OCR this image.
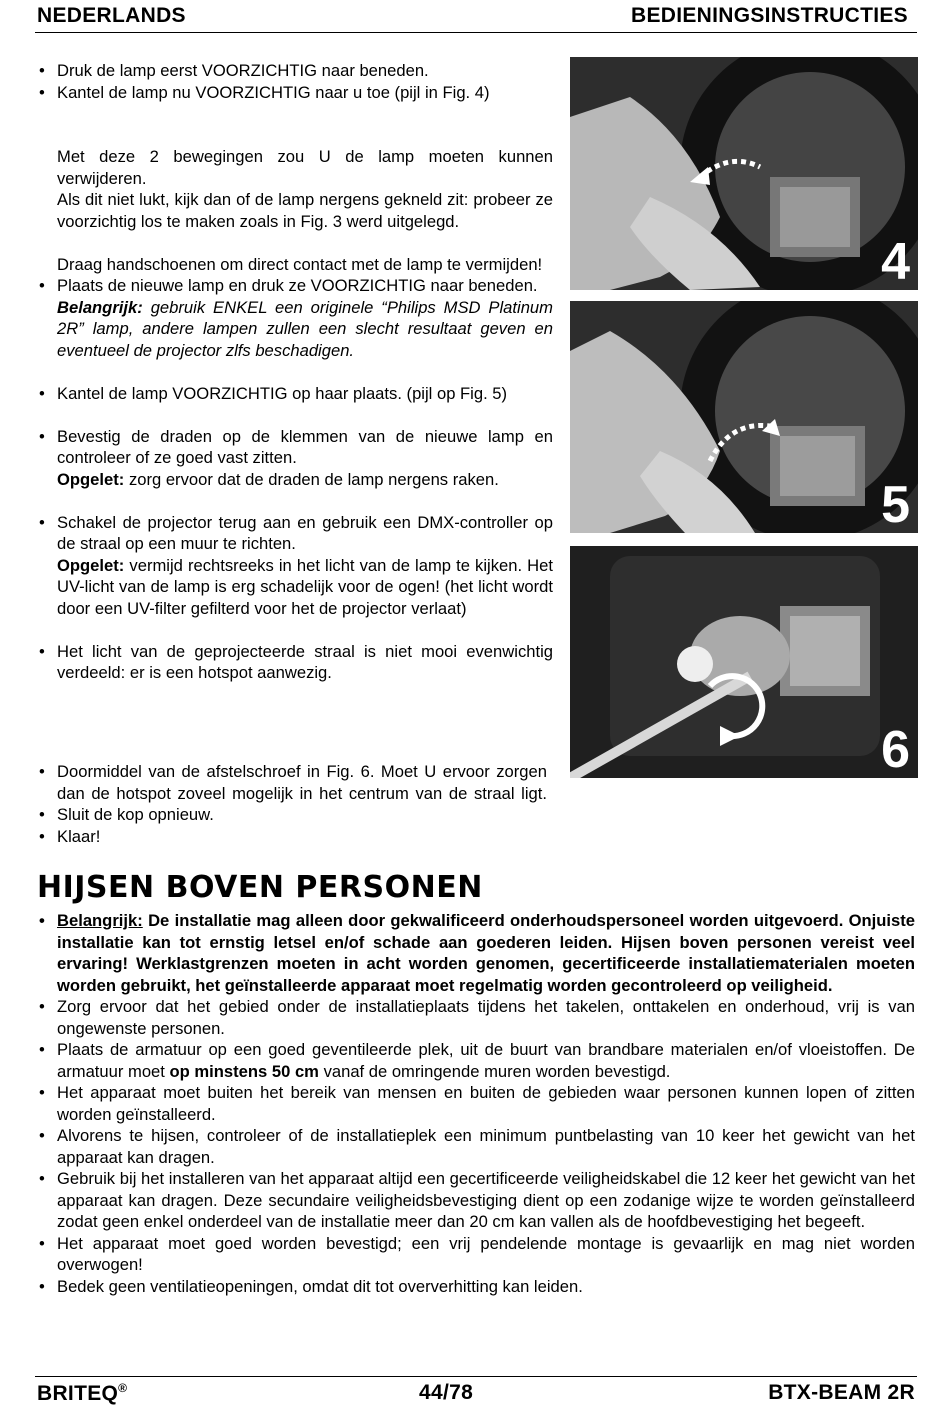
NEDERLANDS	BEDIENINGSINSTRUCTIES
• Druk de lamp eerst VOORZICHTIG naar beneden.
• Kantel de lamp nu VOORZICHTIG naar u toe (pijl in Fig. 4)

Met deze 2 bewegingen zou U de lamp moeten kunnen verwijderen.

Als dit niet lukt, kijk dan of de lamp nergens gekneld zit: probeer ze voorzichtig los te maken zoals in Fig. 3 werd uitgelegd.

Draag handschoenen om direct contact met de lamp te vermijden!

• Plaats de nieuwe lamp en druk ze VOORZICHTIG naar beneden.
Belangrijk: gebruik ENKEL een originele “Philips MSD Platinum 2R” lamp, andere lampen zullen een slecht resultaat geven en eventueel de projector zlfs beschadigen.
• Kantel de lamp VOORZICHTIG op haar plaats. (pijl op Fig. 5)
• Bevestig de draden op de klemmen van de nieuwe lamp en controleer of ze goed vast zitten.
Opgelet: zorg ervoor dat de draden de lamp nergens raken.
• Schakel de projector terug aan en gebruik een DMX-controller op de straal op een muur te richten.
Opgelet: vermijd rechtsreeks in het licht van de lamp te kijken. Het UV-licht van de lamp is erg schadelijk voor de ogen! (het licht wordt door een UV-filter gefilterd voor het de projector verlaat)
• Het licht van de geprojecteerde straal is niet mooi evenwichtig verdeeld: er is een hotspot aanwezig.
• Doormiddel van de afstelschroef in Fig. 6. Moet U ervoor zorgen dan de hotspot zoveel mogelijk in het centrum van de straal ligt.
• Sluit de kop opnieuw.
• Klaar!
4
5
6
HIJSEN BOVEN PERSONEN
• Belangrijk: De installatie mag alleen door gekwalificeerd onderhoudspersoneel worden uitgevoerd. Onjuiste installatie kan tot ernstig letsel en/of schade aan goederen leiden. Hijsen boven personen vereist veel ervaring! Werklastgrenzen moeten in acht worden genomen, gecertificeerde installatiematerialen moeten worden gebruikt, het geïnstalleerde apparaat moet regelmatig worden gecontroleerd op veiligheid.
• Zorg ervoor dat het gebied onder de installatieplaats tijdens het takelen, onttakelen en onderhoud, vrij is van ongewenste personen.
• Plaats de armatuur op een goed geventileerde plek, uit de buurt van brandbare materialen en/of vloeistoffen. De armatuur moet op minstens 50 cm vanaf de omringende muren worden bevestigd.
• Het apparaat moet buiten het bereik van mensen en buiten de gebieden waar personen kunnen lopen of zitten worden geïnstalleerd.
• Alvorens te hijsen, controleer of de installatieplek een minimum puntbelasting van 10 keer het gewicht van het apparaat kan dragen.
• Gebruik bij het installeren van het apparaat altijd een gecertificeerde veiligheidskabel die 12 keer het gewicht van het apparaat kan dragen. Deze secundaire veiligheidsbevestiging dient op een zodanige wijze te worden geïnstalleerd zodat geen enkel onderdeel van de installatie meer dan 20 cm kan vallen als de hoofdbevestiging het begeeft.
• Het apparaat moet goed worden bevestigd; een vrij pendelende montage is gevaarlijk en mag niet worden overwogen!
• Bedek geen ventilatieopeningen, omdat dit tot oververhitting kan leiden.
BRITEQ®	44/78	BTX-BEAM 2R
